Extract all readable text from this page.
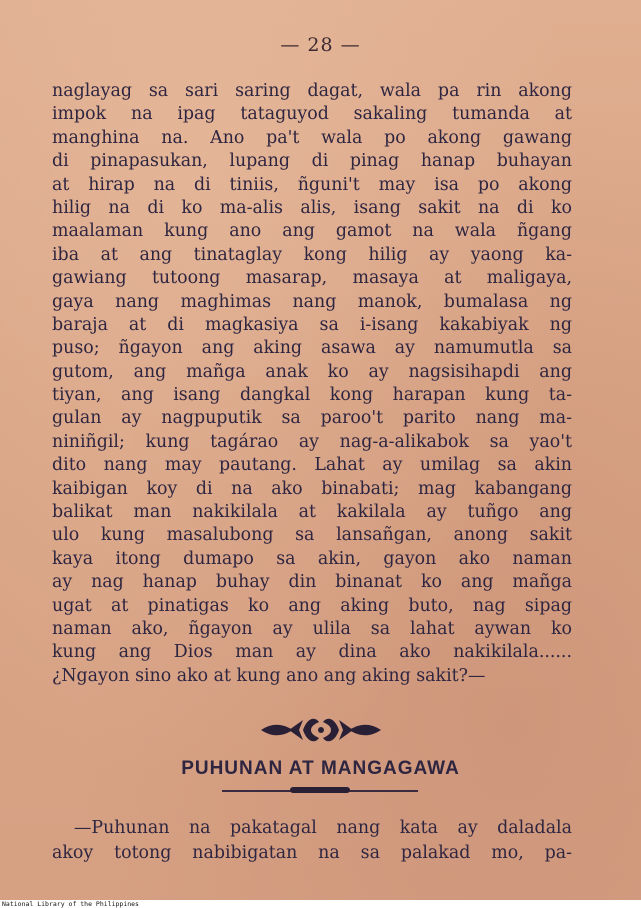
— 28 —
naglayag sa sari saring dagat, wala pa rin akong
impok na ipag tataguyod sakaling tumanda at
manghina na. Ano pa't wala po akong gawang
di pinapasukan, lupang di pinag hanap buhayan
at hirap na di tiniis, ñguni't may isa po akong
hilig na di ko ma-alis alis, isang sakit na di ko
maalaman kung ano ang gamot na wala ñgang
iba at ang tinataglay kong hilig ay yaong ka-
gawiang tutoong masarap, masaya at maligaya,
gaya nang maghimas nang manok, bumalasa ng
baraja at di magkasiya sa i-isang kakabiyak ng
puso; ñgayon ang aking asawa ay namumutla sa
gutom, ang mañga anak ko ay nagsisihapdi ang
tiyan, ang isang dangkal kong harapan kung ta-
gulan ay nagpuputik sa paroo't parito nang ma-
niniñgil; kung tagárao ay nag-a-alikabok sa yao't
dito nang may pautang. Lahat ay umilag sa akin
kaibigan koy di na ako binabati; mag kabangang
balikat man nakikilala at kakilala ay tuñgo ang
ulo kung masalubong sa lansañgan, anong sakit
kaya itong dumapo sa akin, gayon ako naman
ay nag hanap buhay din binanat ko ang mañga
ugat at pinatigas ko ang aking buto, nag sipag
naman ako, ñgayon ay ulila sa lahat aywan ko
kung ang Dios man ay dina ako nakikilala......
¿Ngayon sino ako at kung ano ang aking sakit?—
PUHUNAN AT MANGAGAWA
—Puhunan na pakatagal nang kata ay daladala
akoy totong nabibigatan na sa palakad mo, pa-
National Library of the Philippines
